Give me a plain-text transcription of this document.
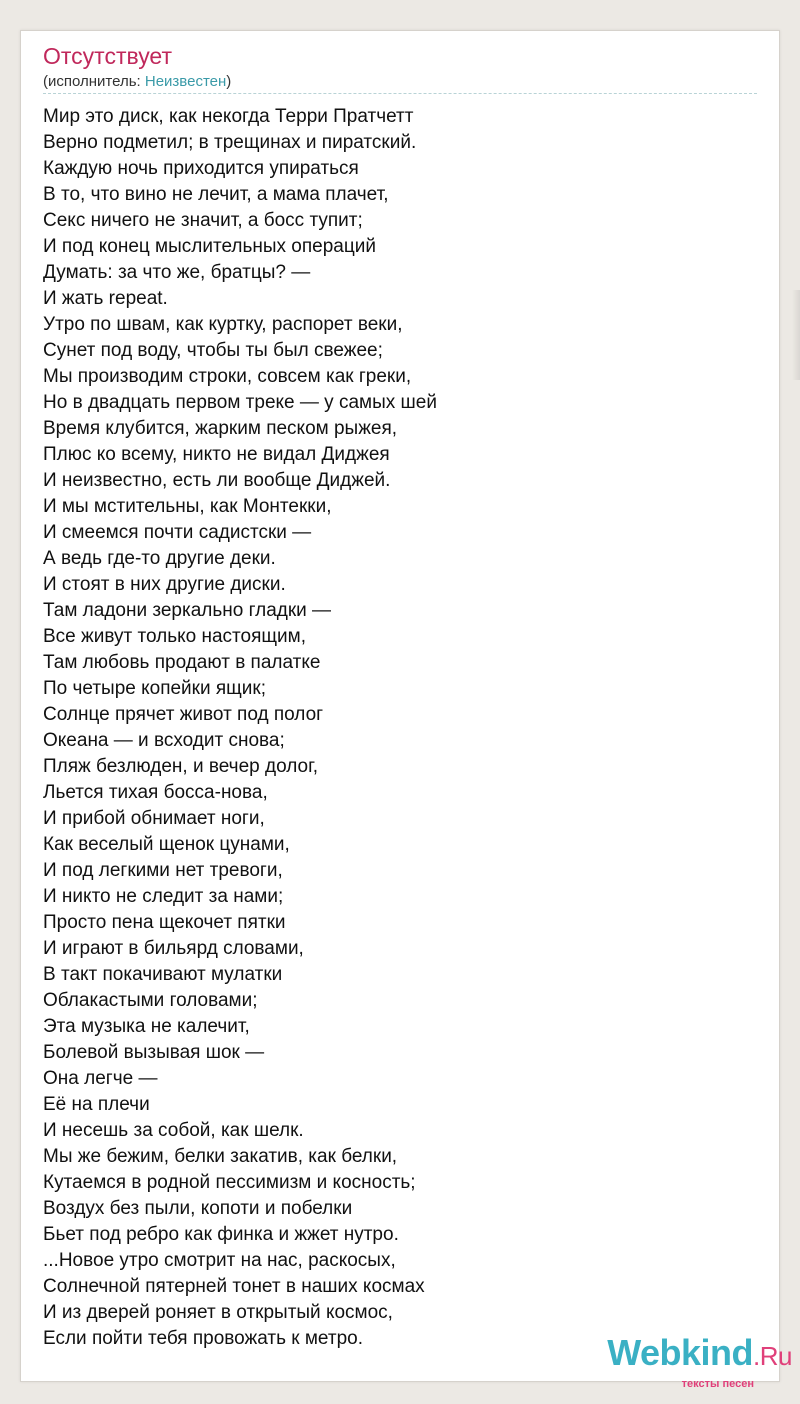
Отсутствует
(исполнитель: Неизвестен)
Мир это диск, как некогда Терри Пратчетт
Верно подметил; в трещинах и пиратский.
Каждую ночь приходится упираться
В то, что вино не лечит, а мама плачет,
Секс ничего не значит, а босс тупит;
И под конец мыслительных операций
Думать: за что же, братцы? —
И жать repeat.
Утро по швам, как куртку, распорет веки,
Сунет под воду, чтобы ты был свежее;
Мы производим строки, совсем как греки,
Но в двадцать первом треке — у самых шей
Время клубится, жарким песком рыжея,
Плюс ко всему, никто не видал Диджея
И неизвестно, есть ли вообще Диджей.
И мы мстительны, как Монтекки,
И смеемся почти садистски —
А ведь где-то другие деки.
И стоят в них другие диски.
Там ладони зеркально гладки —
Все живут только настоящим,
Там любовь продают в палатке
По четыре копейки ящик;
Солнце прячет живот под полог
Океана — и всходит снова;
Пляж безлюден, и вечер долог,
Льется тихая босса-нова,
И прибой обнимает ноги,
Как веселый щенок цунами,
И под легкими нет тревоги,
И никто не следит за нами;
Просто пена щекочет пятки
И играют в бильярд словами,
В такт покачивают мулатки
Облакастыми головами;
Эта музыка не калечит,
Болевой вызывая шок —
Она легче —
Её на плечи
И несешь за собой, как шелк.
Мы же бежим, белки закатив, как белки,
Кутаемся в родной пессимизм и косность;
Воздух без пыли, копоти и побелки
Бьет под ребро как финка и жжет нутро.
...Новое утро смотрит на нас, раскосых,
Солнечной пятерней тонет в наших космах
И из дверей роняет в открытый космос,
Если пойти тебя провожать к метро.	Webkind.Ru
тексты песен
